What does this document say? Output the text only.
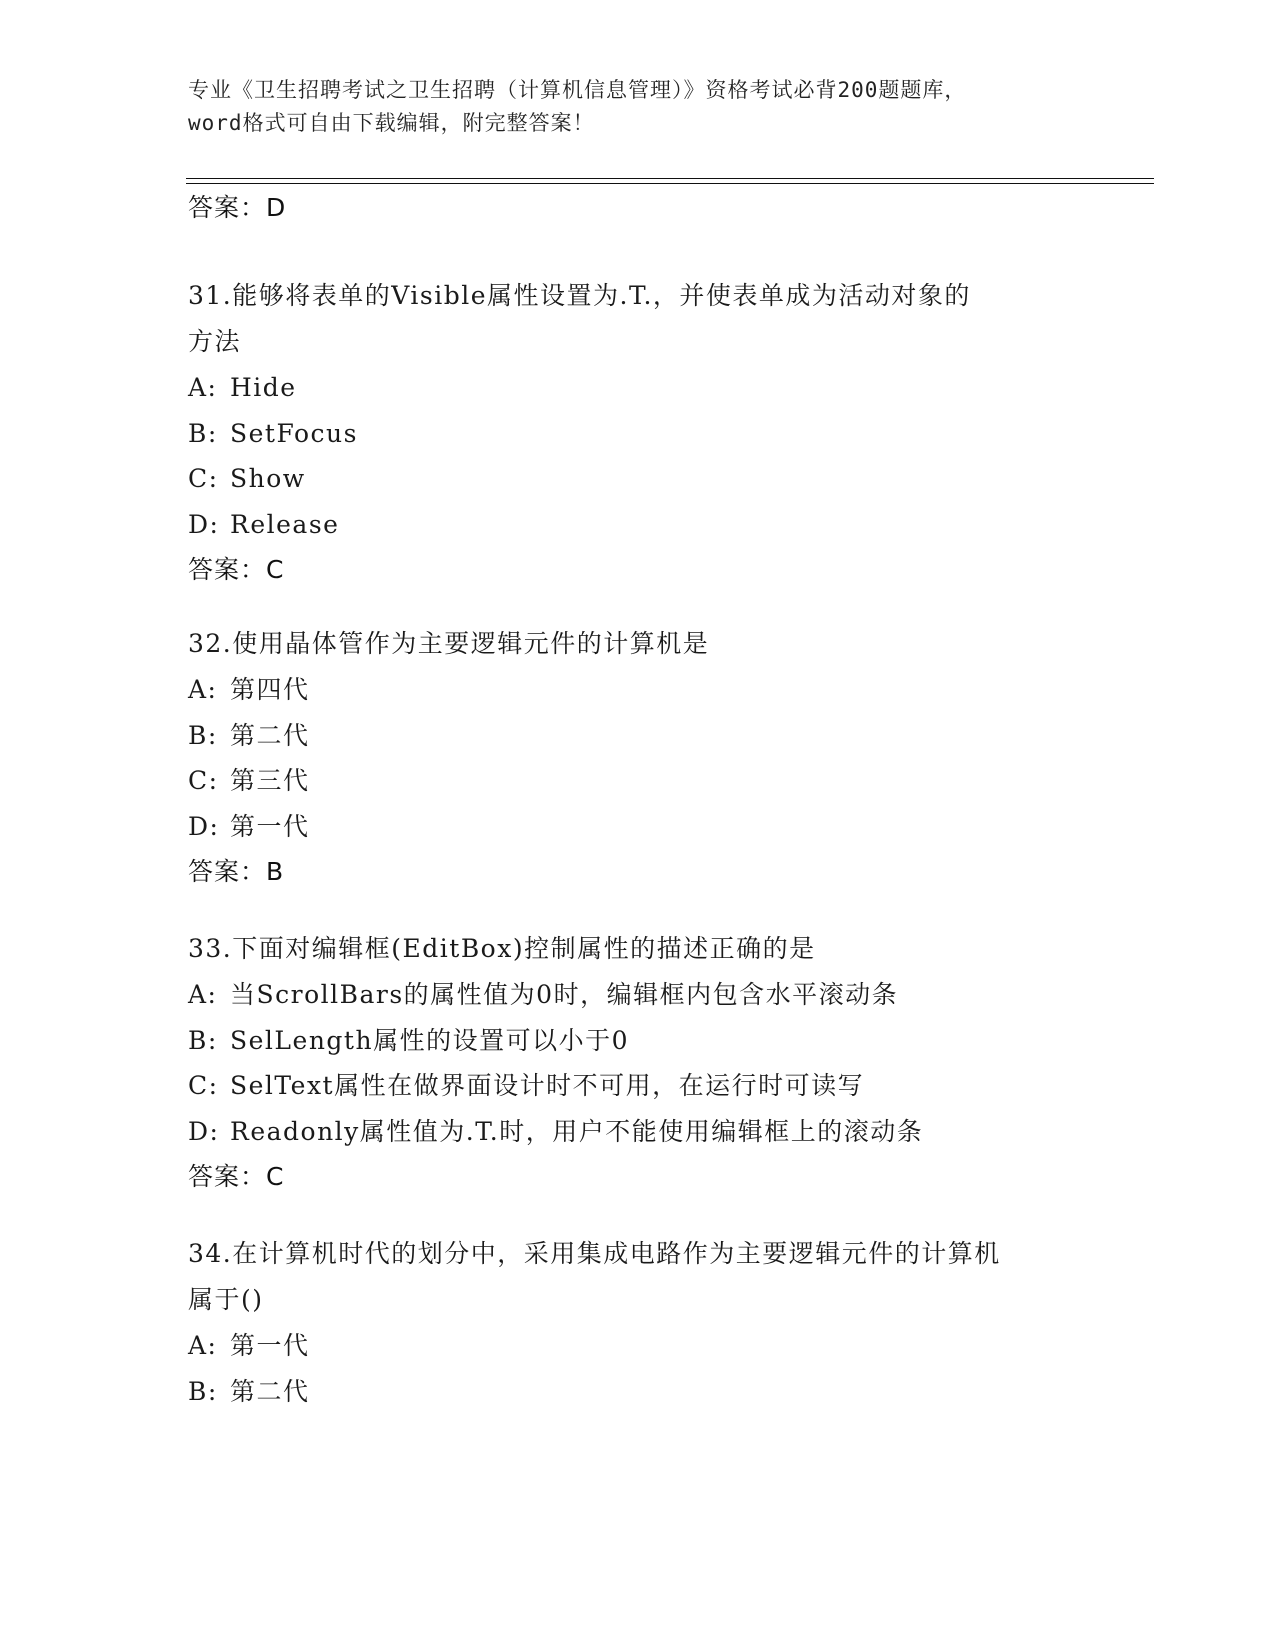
专业《卫生招聘考试之卫生招聘（计算机信息管理）》资格考试必背200题题库，
word格式可自由下载编辑，附完整答案！
答案：D
31.能够将表单的Visible属性设置为.T.，并使表单成为活动对象的
方法
A: Hide
B: SetFocus
C: Show
D: Release
答案：C
32.使用晶体管作为主要逻辑元件的计算机是
A: 第四代
B: 第二代
C: 第三代
D: 第一代
答案：B
33.下面对编辑框(EditBox)控制属性的描述正确的是
A: 当ScrollBars的属性值为0时，编辑框内包含水平滚动条
B: SelLength属性的设置可以小于0
C: SelText属性在做界面设计时不可用，在运行时可读写
D: Readonly属性值为.T.时，用户不能使用编辑框上的滚动条
答案：C
34.在计算机时代的划分中，采用集成电路作为主要逻辑元件的计算机
属于()
A: 第一代
B: 第二代
